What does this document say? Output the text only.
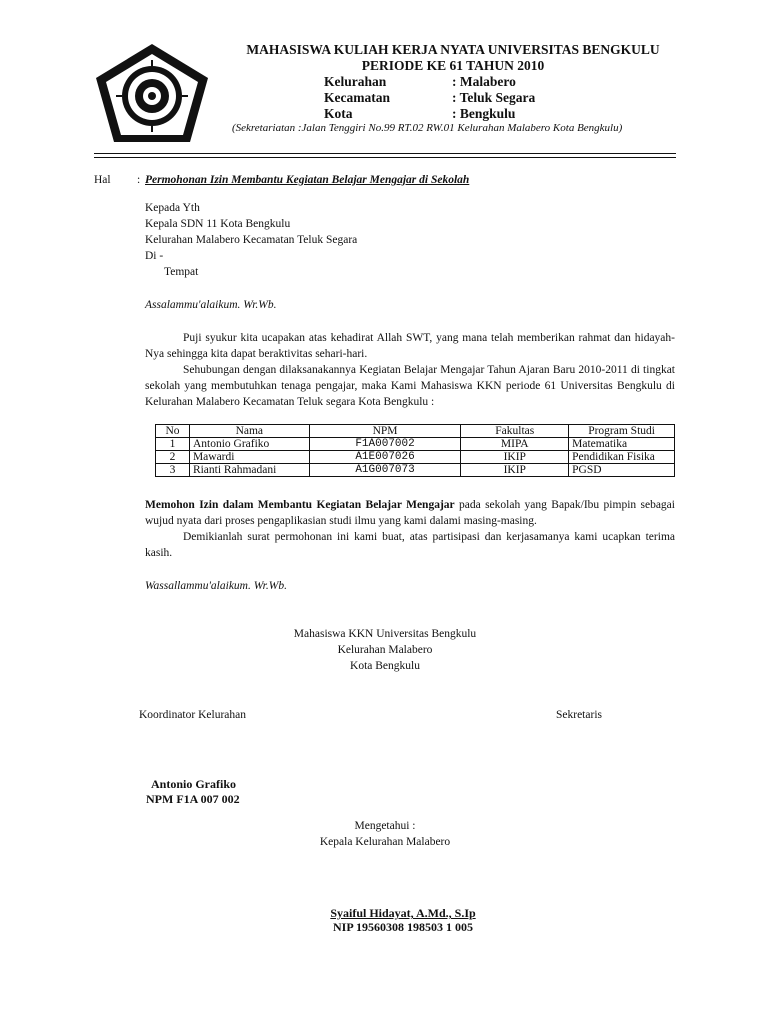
MAHASISWA KULIAH KERJA NYATA UNIVERSITAS BENGKULU
PERIODE KE 61 TAHUN 2010
Kelurahan	: Malabero
Kecamatan	: Teluk Segara
Kota	: Bengkulu
(Sekretariatan :Jalan Tenggiri No.99 RT.02 RW.01 Kelurahan Malabero Kota Bengkulu)
Hal : Permohonan Izin Membantu Kegiatan Belajar Mengajar di Sekolah
Kepada Yth
Kepala SDN 11 Kota Bengkulu
Kelurahan Malabero Kecamatan Teluk Segara
Di -
Tempat
Assalammu'alaikum. Wr.Wb.
Puji syukur kita ucapakan atas kehadirat Allah SWT, yang mana telah memberikan rahmat dan hidayah-Nya sehingga kita dapat beraktivitas sehari-hari.
Sehubungan dengan dilaksanakannya Kegiatan Belajar Mengajar Tahun Ajaran Baru 2010-2011 di tingkat sekolah yang membutuhkan tenaga pengajar, maka Kami Mahasiswa KKN periode 61 Universitas Bengkulu di Kelurahan Malabero Kecamatan Teluk segara Kota Bengkulu :
No	Nama	NPM	Fakultas	Program Studi
1	Antonio Grafiko	F1A007002	MIPA	Matematika
2	Mawardi	A1E007026	IKIP	Pendidikan Fisika
3	Rianti Rahmadani	A1G007073	IKIP	PGSD
Memohon Izin dalam Membantu Kegiatan Belajar Mengajar pada sekolah yang Bapak/Ibu pimpin sebagai wujud nyata dari proses pengaplikasian studi ilmu yang kami dalami masing-masing.
Demikianlah surat permohonan ini kami buat, atas partisipasi dan kerjasamanya kami ucapkan terima kasih.
Wassallammu'alaikum. Wr.Wb.
Mahasiswa KKN Universitas Bengkulu
Kelurahan Malabero
Kota Bengkulu
Koordinator Kelurahan	Sekretaris
Antonio Grafiko
NPM F1A 007 002
Mengetahui :
Kepala Kelurahan Malabero
Syaiful Hidayat, A.Md., S.Ip
NIP 19560308 198503 1 005
